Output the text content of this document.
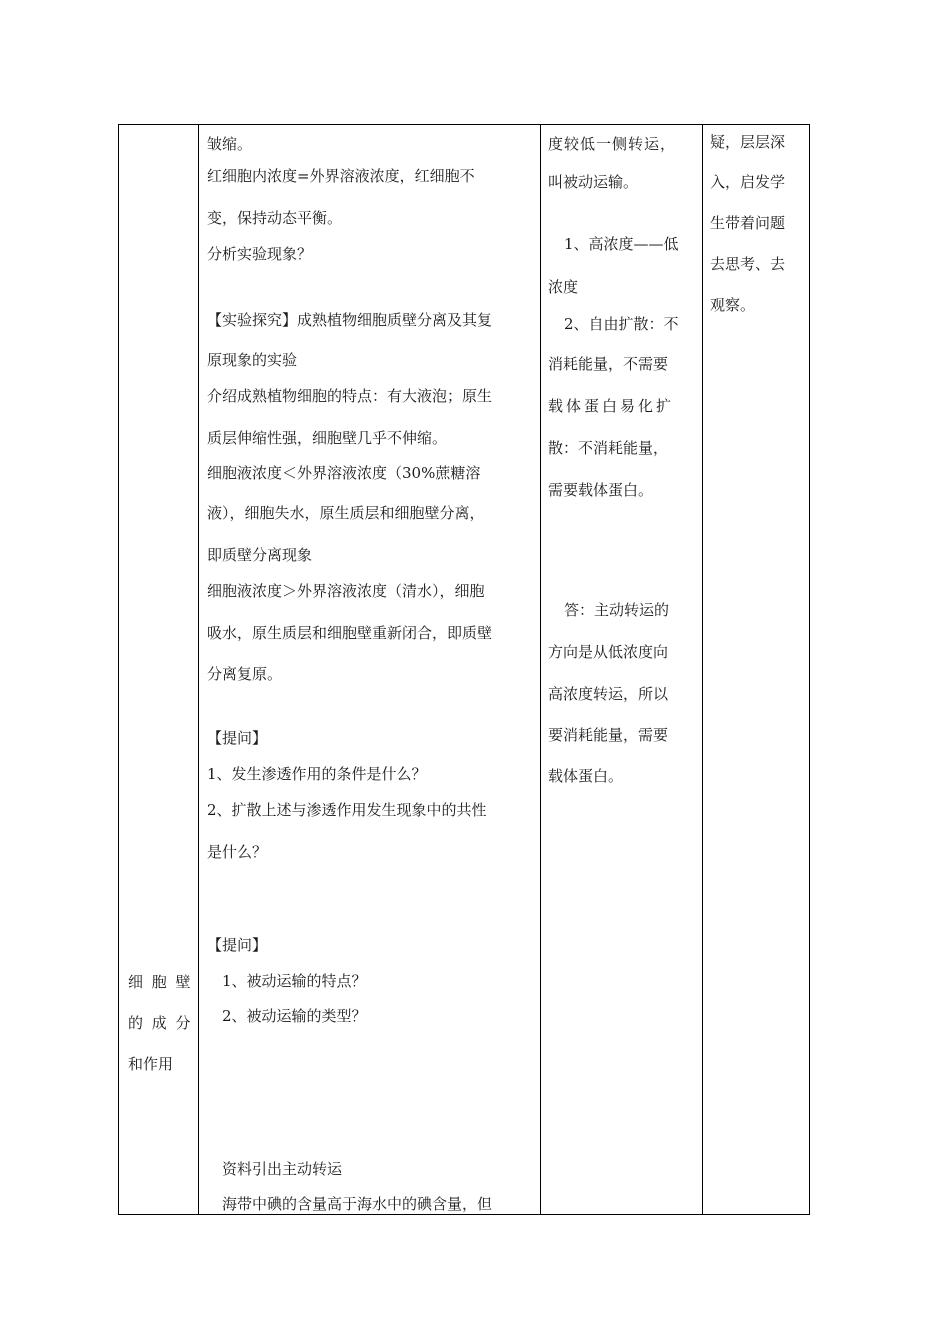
细 胞 壁

的 成 分

和作用

皱缩。

红细胞内浓度=外界溶液浓度，红细胞不

变，保持动态平衡。

分析实验现象？

【实验探究】成熟植物细胞质壁分离及其复

原现象的实验

介绍成熟植物细胞的特点：有大液泡；原生

质层伸缩性强，细胞壁几乎不伸缩。

细胞液浓度＜外界溶液浓度（30%蔗糖溶

液），细胞失水，原生质层和细胞壁分离，

即质壁分离现象

细胞液浓度＞外界溶液浓度（清水），细胞

吸水，原生质层和细胞壁重新闭合，即质壁

分离复原。

【提问】

1、发生渗透作用的条件是什么？

2、扩散上述与渗透作用发生现象中的共性

是什么？

【提问】

1、被动运输的特点？

2、被动运输的类型？

资料引出主动转运

海带中碘的含量高于海水中的碘含量，但

度较低一侧转运，

叫被动运输。

1、高浓度——低

浓度

2、自由扩散：不

消耗能量，不需要

载体蛋白易化扩

散：不消耗能量，

需要载体蛋白。

答：主动转运的

方向是从低浓度向

高浓度转运，所以

要消耗能量，需要

载体蛋白。

疑，层层深

入，启发学

生带着问题

去思考、去

观察。
